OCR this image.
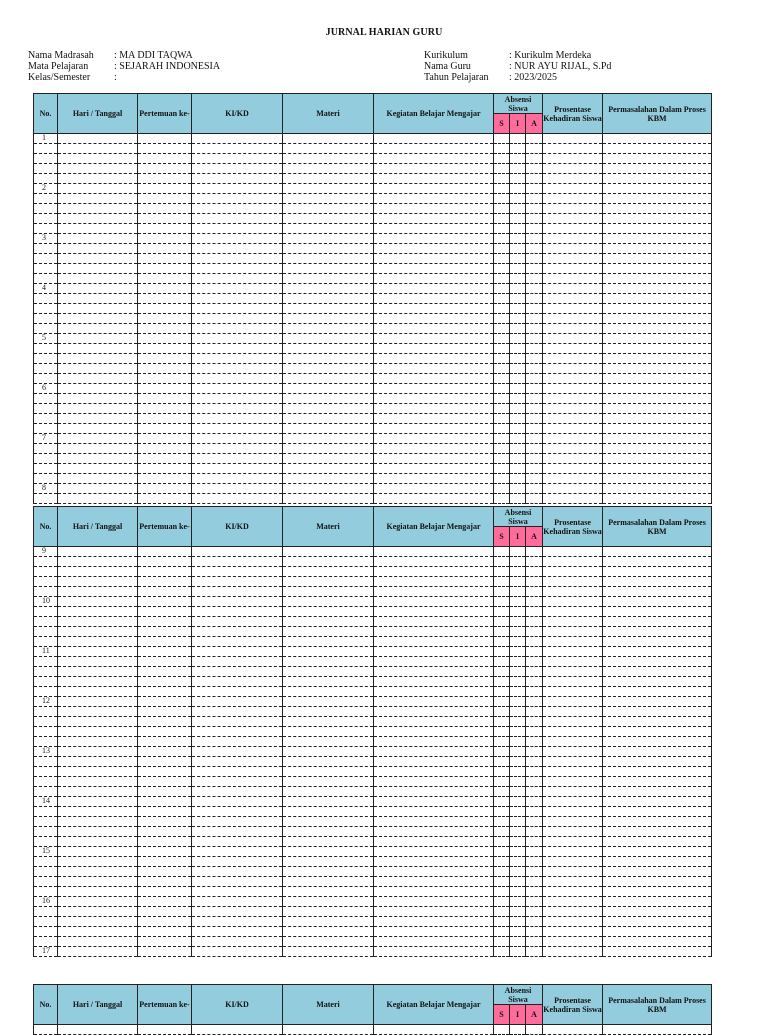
JURNAL HARIAN GURU
Nama Madrasah	: MA DDI TAQWA
Mata Pelajaran	: SEJARAH INDONESIA
Kelas/Semester	:
Kurikulum	: Kurikulm Merdeka
Nama Guru	: NUR AYU RIJAL, S.Pd
Tahun Pelajaran	: 2023/2025
No.	Hari / Tanggal	Pertemuan ke-	KI/KD	Materi	Kegiatan Belajar Mengajar	Absensi Siswa			Prosentase Kehadiran Siswa	Permasalahan Dalam Proses KBM
						S	I	A		
1										

2										

3										

4										

5										

6										

7										

8										

No.	Hari / Tanggal	Pertemuan ke-	KI/KD	Materi	Kegiatan Belajar Mengajar	Absensi Siswa			Prosentase Kehadiran Siswa	Permasalahan Dalam Proses KBM
						S	I	A		
9										

10										

11										

12										

13										

14										

15										

16										

17										
No.	Hari / Tanggal	Pertemuan ke-	KI/KD	Materi	Kegiatan Belajar Mengajar	Absensi Siswa			Prosentase Kehadiran Siswa	Permasalahan Dalam Proses KBM
						S	I	A		
